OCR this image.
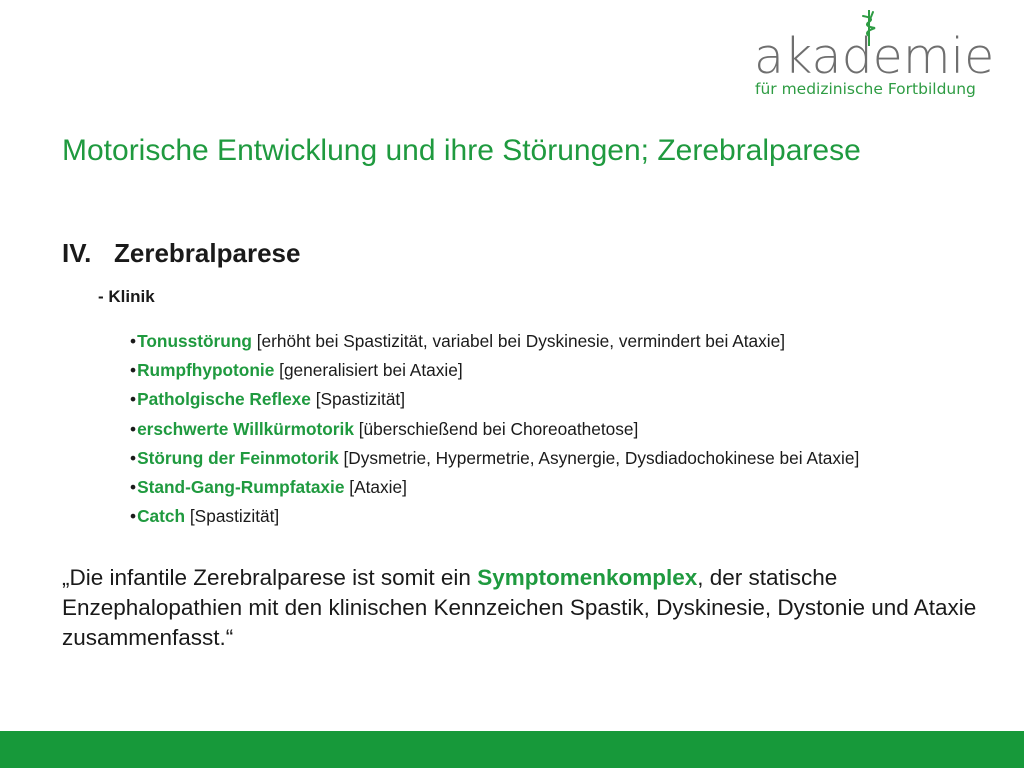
akademie
für medizinische Fortbildung
Motorische Entwicklung und ihre Störungen; Zerebralparese
IV. Zerebralparese
- Klinik
•Tonusstörung [erhöht bei Spastizität, variabel bei Dyskinesie, vermindert bei Ataxie]
•Rumpfhypotonie [generalisiert bei Ataxie]
•Patholgische Reflexe [Spastizität]
•erschwerte Willkürmotorik [überschießend bei Choreoathetose]
•Störung der Feinmotorik [Dysmetrie, Hypermetrie, Asynergie, Dysdiadochokinese bei Ataxie]
•Stand-Gang-Rumpfataxie [Ataxie]
•Catch [Spastizität]

„Die infantile Zerebralparese ist somit ein Symptomenkomplex, der statische Enzephalopathien mit den klinischen Kennzeichen Spastik, Dyskinesie, Dystonie und Ataxie zusammenfasst.“
